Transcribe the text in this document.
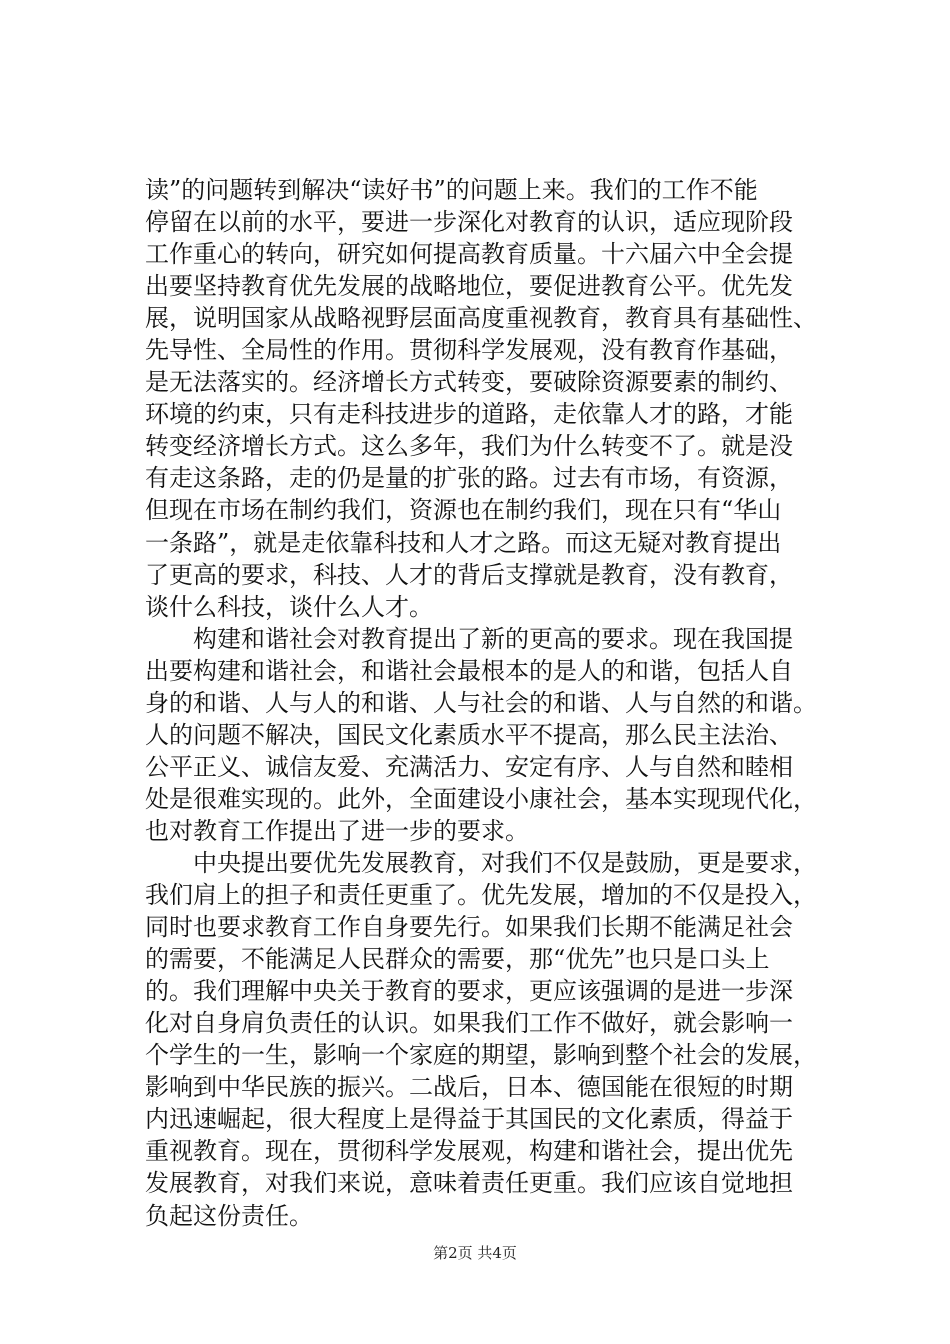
读”的问题转到解决“读好书”的问题上来。我们的工作不能
停留在以前的水平，要进一步深化对教育的认识，适应现阶段
工作重心的转向，研究如何提高教育质量。十六届六中全会提
出要坚持教育优先发展的战略地位，要促进教育公平。优先发
展，说明国家从战略视野层面高度重视教育，教育具有基础性、
先导性、全局性的作用。贯彻科学发展观，没有教育作基础，
是无法落实的。经济增长方式转变，要破除资源要素的制约、
环境的约束，只有走科技进步的道路，走依靠人才的路，才能
转变经济增长方式。这么多年，我们为什么转变不了。就是没
有走这条路，走的仍是量的扩张的路。过去有市场，有资源，
但现在市场在制约我们，资源也在制约我们，现在只有“华山
一条路”，就是走依靠科技和人才之路。而这无疑对教育提出
了更高的要求，科技、人才的背后支撑就是教育，没有教育，
谈什么科技，谈什么人才。
　　构建和谐社会对教育提出了新的更高的要求。现在我国提
出要构建和谐社会，和谐社会最根本的是人的和谐，包括人自
身的和谐、人与人的和谐、人与社会的和谐、人与自然的和谐。
人的问题不解决，国民文化素质水平不提高，那么民主法治、
公平正义、诚信友爱、充满活力、安定有序、人与自然和睦相
处是很难实现的。此外，全面建设小康社会，基本实现现代化，
也对教育工作提出了进一步的要求。
　　中央提出要优先发展教育，对我们不仅是鼓励，更是要求，
我们肩上的担子和责任更重了。优先发展，增加的不仅是投入，
同时也要求教育工作自身要先行。如果我们长期不能满足社会
的需要，不能满足人民群众的需要，那“优先”也只是口头上
的。我们理解中央关于教育的要求，更应该强调的是进一步深
化对自身肩负责任的认识。如果我们工作不做好，就会影响一
个学生的一生，影响一个家庭的期望，影响到整个社会的发展，
影响到中华民族的振兴。二战后，日本、德国能在很短的时期
内迅速崛起，很大程度上是得益于其国民的文化素质，得益于
重视教育。现在，贯彻科学发展观，构建和谐社会，提出优先
发展教育，对我们来说，意味着责任更重。我们应该自觉地担
负起这份责任。
第2页 共4页
